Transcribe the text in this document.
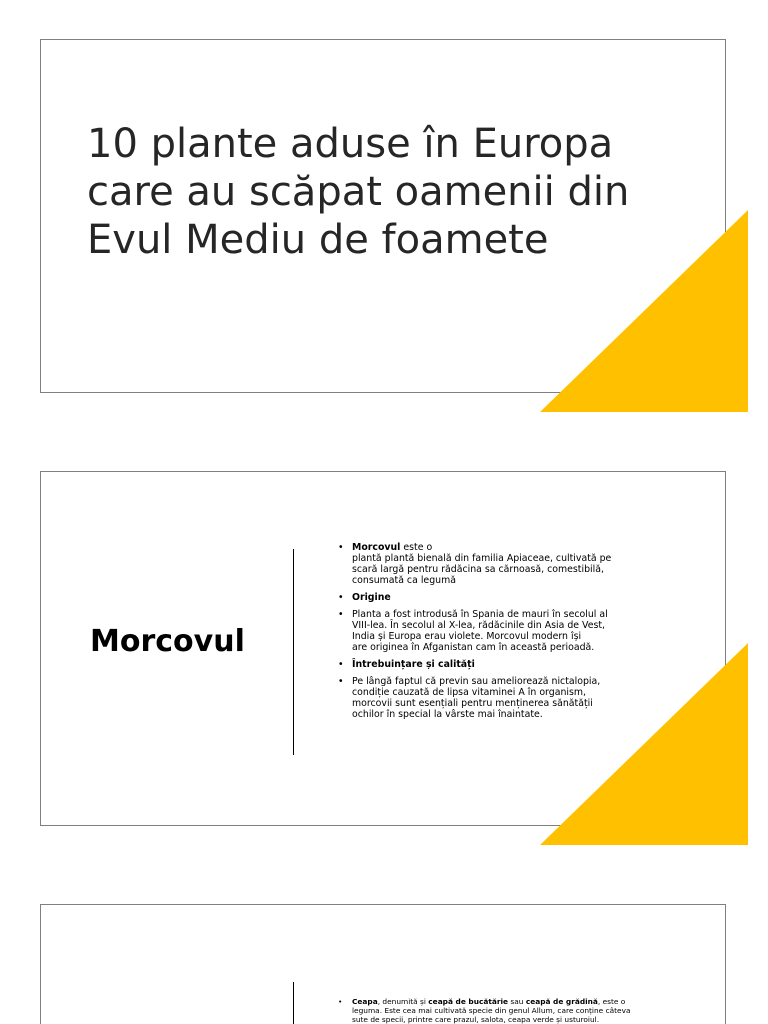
10 plante aduse în Europa
care au scăpat oamenii din
Evul Mediu de foamete
Morcovul
• Morcovul este o
plantă plantă bienală din familia Apiaceae, cultivată pe
scară largă pentru rădăcina sa cărnoasă, comestibilă,
consumată ca legumă
• Origine
• Planta a fost introdusă în Spania de mauri în secolul al
VIII-lea. În secolul al X-lea, rădăcinile din Asia de Vest,
India și Europa erau violete. Morcovul modern își
are originea în Afganistan cam în această perioadă.
• Întrebuințare și calități
• Pe lângă faptul că previn sau ameliorează nictalopia,
condiție cauzată de lipsa vitaminei A în organism,
morcovii sunt esențiali pentru menținerea sănătății
ochilor în special la vârste mai înaintate.
• Ceapa, denumită și ceapă de bucătărie sau ceapă de grădină, este o
leguma. Este cea mai cultivată specie din genul Allum, care conține câteva
sute de specii, printre care prazul, salota, ceapa verde și usturoiul.
